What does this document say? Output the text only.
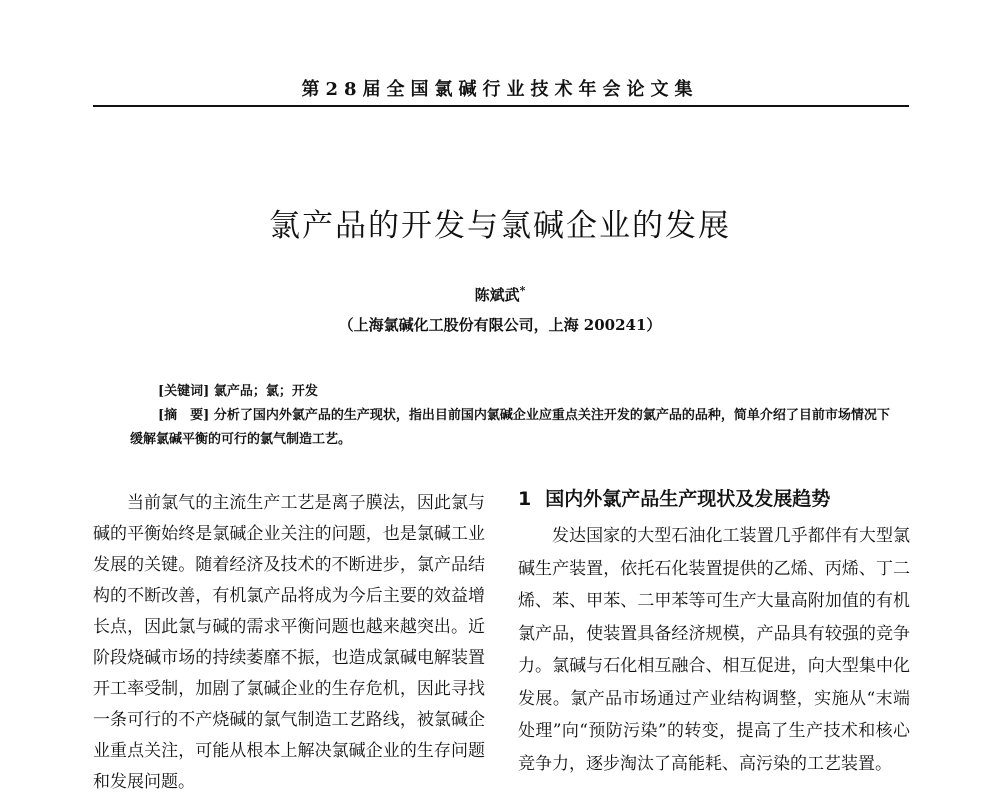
第28届全国氯碱行业技术年会论文集
氯产品的开发与氯碱企业的发展
陈斌武*
（上海氯碱化工股份有限公司，上海 200241）
[关键词] 氯产品；氯；开发
[摘　要] 分析了国内外氯产品的生产现状，指出目前国内氯碱企业应重点关注开发的氯产品的品种，简单介绍了目前市场情况下缓解氯碱平衡的可行的氯气制造工艺。
当前氯气的主流生产工艺是离子膜法，因此氯与碱的平衡始终是氯碱企业关注的问题，也是氯碱工业发展的关键。随着经济及技术的不断进步，氯产品结构的不断改善，有机氯产品将成为今后主要的效益增长点，因此氯与碱的需求平衡问题也越来越突出。近阶段烧碱市场的持续萎靡不振，也造成氯碱电解装置开工率受制，加剧了氯碱企业的生存危机，因此寻找一条可行的不产烧碱的氯气制造工艺路线，被氯碱企业重点关注，可能从根本上解决氯碱企业的生存问题和发展问题。
1 国内外氯产品生产现状及发展趋势
发达国家的大型石油化工装置几乎都伴有大型氯碱生产装置，依托石化装置提供的乙烯、丙烯、丁二烯、苯、甲苯、二甲苯等可生产大量高附加值的有机氯产品，使装置具备经济规模，产品具有较强的竞争力。氯碱与石化相互融合、相互促进，向大型集中化发展。氯产品市场通过产业结构调整，实施从“末端处理”向“预防污染”的转变，提高了生产技术和核心竞争力，逐步淘汰了高能耗、高污染的工艺装置。
